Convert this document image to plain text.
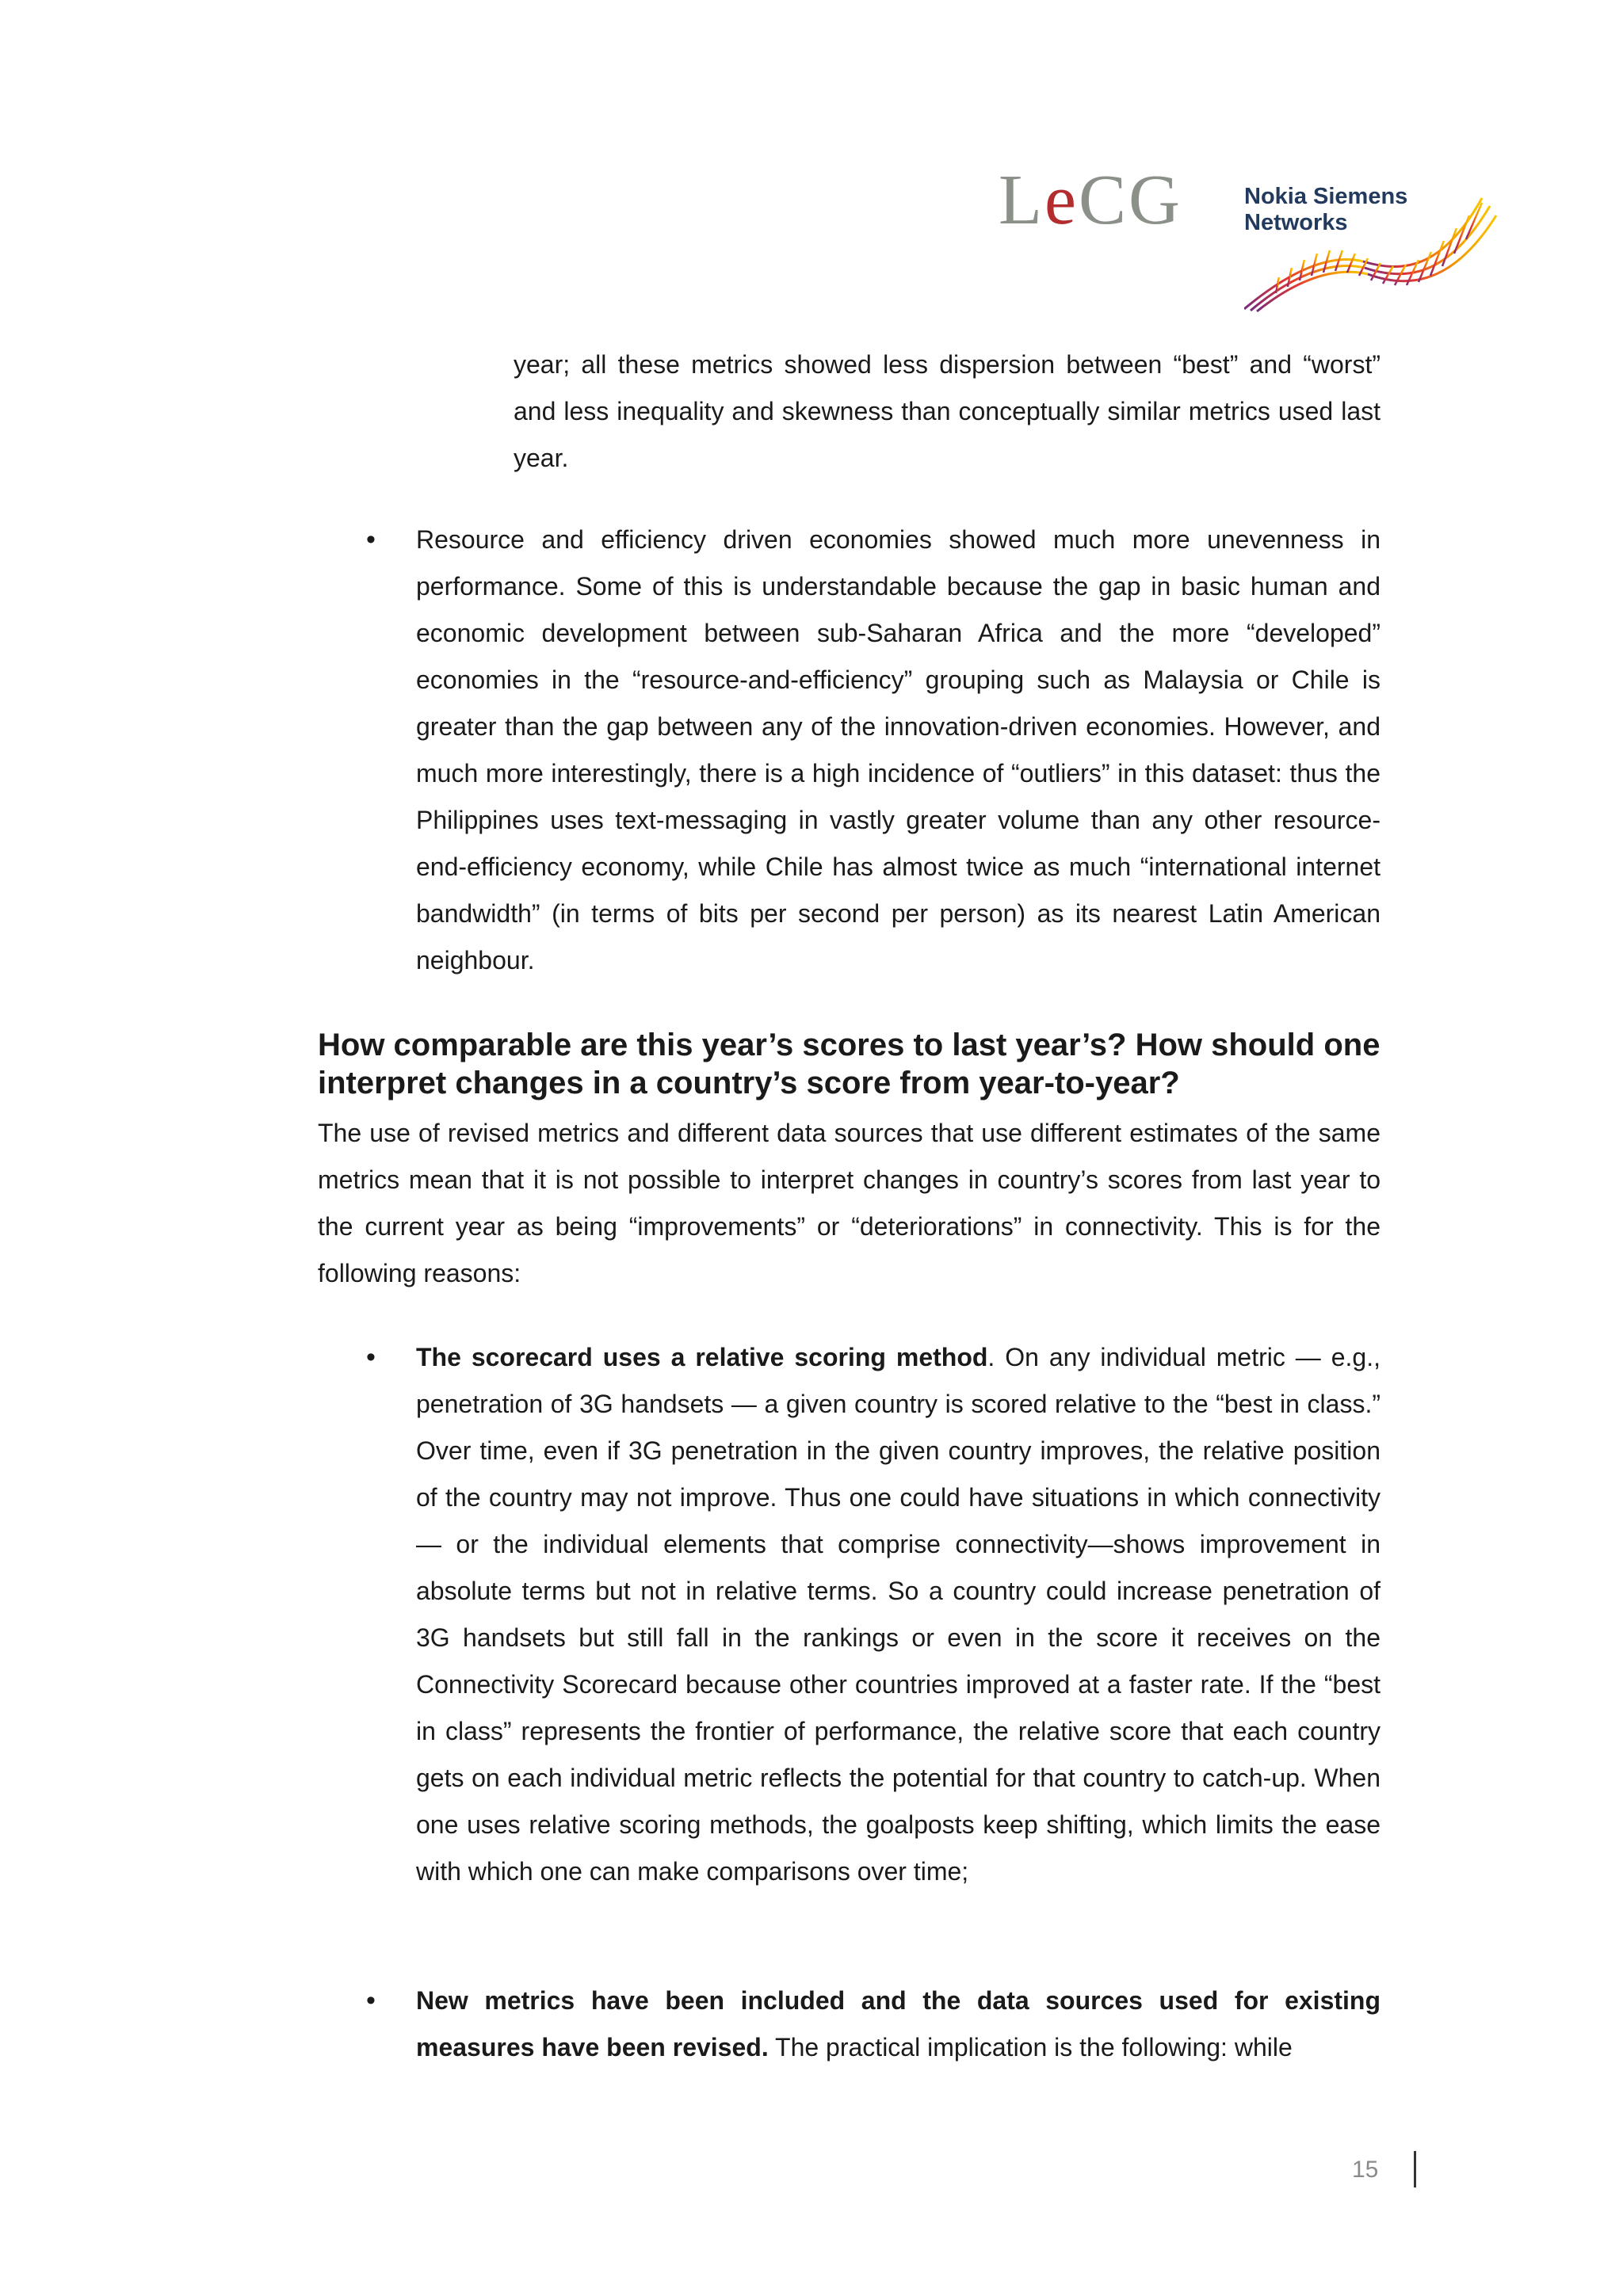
LeCG	Nokia Siemens
Networks

year; all these metrics showed less dispersion between “best” and “worst” and less inequality and skewness than conceptually similar metrics used last year.

• Resource and efficiency driven economies showed much more unevenness in performance. Some of this is understandable because the gap in basic human and economic development between sub-Saharan Africa and the more “developed” economies in the “resource-and-efficiency” grouping such as Malaysia or Chile is greater than the gap between any of the innovation-driven economies. However, and much more interestingly, there is a high incidence of “outliers” in this dataset: thus the Philippines uses text-messaging in vastly greater volume than any other resource-end-efficiency economy, while Chile has almost twice as much “international internet bandwidth” (in terms of bits per second per person) as its nearest Latin American neighbour.

How comparable are this year’s scores to last year’s? How should one interpret changes in a country’s score from year-to-year?

The use of revised metrics and different data sources that use different estimates of the same metrics mean that it is not possible to interpret changes in country’s scores from last year to the current year as being “improvements” or “deteriorations” in connectivity. This is for the following reasons:

• The scorecard uses a relative scoring method. On any individual metric — e.g., penetration of 3G handsets — a given country is scored relative to the “best in class.” Over time, even if 3G penetration in the given country improves, the relative position of the country may not improve. Thus one could have situations in which connectivity — or the individual elements that comprise connectivity—shows improvement in absolute terms but not in relative terms. So a country could increase penetration of 3G handsets but still fall in the rankings or even in the score it receives on the Connectivity Scorecard because other countries improved at a faster rate. If the “best in class” represents the frontier of performance, the relative score that each country gets on each individual metric reflects the potential for that country to catch-up. When one uses relative scoring methods, the goalposts keep shifting, which limits the ease with which one can make comparisons over time;

• New metrics have been included and the data sources used for existing measures have been revised. The practical implication is the following: while

15
